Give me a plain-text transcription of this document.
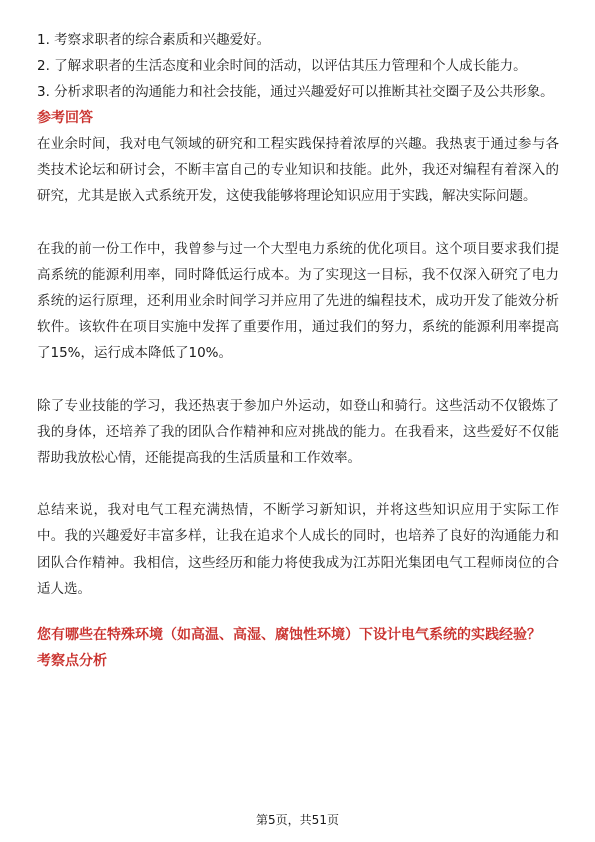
1. 考察求职者的综合素质和兴趣爱好。

2. 了解求职者的生活态度和业余时间的活动，以评估其压力管理和个人成长能力。

3. 分析求职者的沟通能力和社会技能，通过兴趣爱好可以推断其社交圈子及公共形象。

参考回答

在业余时间，我对电气领域的研究和工程实践保持着浓厚的兴趣。我热衷于通过参与各类技术论坛和研讨会，不断丰富自己的专业知识和技能。此外，我还对编程有着深入的研究，尤其是嵌入式系统开发，这使我能够将理论知识应用于实践，解决实际问题。

在我的前一份工作中，我曾参与过一个大型电力系统的优化项目。这个项目要求我们提高系统的能源利用率，同时降低运行成本。为了实现这一目标，我不仅深入研究了电力系统的运行原理，还利用业余时间学习并应用了先进的编程技术，成功开发了能效分析软件。该软件在项目实施中发挥了重要作用，通过我们的努力，系统的能源利用率提高了15%，运行成本降低了10%。

除了专业技能的学习，我还热衷于参加户外运动，如登山和骑行。这些活动不仅锻炼了我的身体，还培养了我的团队合作精神和应对挑战的能力。在我看来，这些爱好不仅能帮助我放松心情，还能提高我的生活质量和工作效率。

总结来说，我对电气工程充满热情，不断学习新知识，并将这些知识应用于实际工作中。我的兴趣爱好丰富多样，让我在追求个人成长的同时，也培养了良好的沟通能力和团队合作精神。我相信，这些经历和能力将使我成为江苏阳光集团电气工程师岗位的合适人选。

您有哪些在特殊环境（如高温、高湿、腐蚀性环境）下设计电气系统的实践经验？

考察点分析

第5页，共51页
